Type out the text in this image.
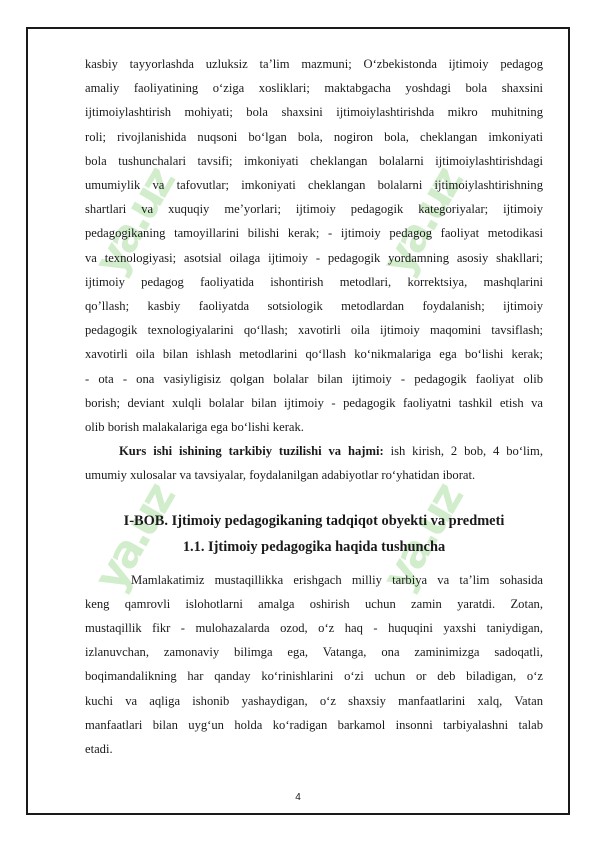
ya.uz	ya.uz
ya.uz	ya.uz

kasbiy tayyorlashda uzluksiz ta’lim mazmuni; O‘zbekistonda ijtimoiy pedagog
amaliy faoliyatining o‘ziga xosliklari; maktabgacha yoshdagi bola shaxsini
ijtimoiylashtirish mohiyati; bola shaxsini ijtimoiylashtirishda mikro muhitning
roli; rivojlanishida nuqsoni bo‘lgan bola, nogiron bola, cheklangan imkoniyati
bola tushunchalari tavsifi; imkoniyati cheklangan bolalarni ijtimoiylashtirishdagi
umumiylik va tafovutlar; imkoniyati cheklangan bolalarni ijtimoiylashtirishning
shartlari va xuquqiy me’yorlari; ijtimoiy pedagogik kategoriyalar; ijtimoiy
pedagogikaning tamoyillarini bilishi kerak; - ijtimoiy pedagog faoliyat metodikasi
va texnologiyasi; asotsial oilaga ijtimoiy - pedagogik yordamning asosiy shakllari;
ijtimoiy pedagog faoliyatida ishontirish metodlari, korrektsiya, mashqlarini
qo’llash; kasbiy faoliyatda sotsiologik metodlardan foydalanish; ijtimoiy
pedagogik texnologiyalarini qo‘llash; xavotirli oila ijtimoiy maqomini tavsiflash;
xavotirli oila bilan ishlash metodlarini qo‘llash ko‘nikmalariga ega bo‘lishi kerak;
- ota - ona vasiyligisiz qolgan bolalar bilan ijtimoiy - pedagogik faoliyat olib
borish; deviant xulqli bolalar bilan ijtimoiy - pedagogik faoliyatni tashkil etish va
olib borish malakalariga ega bo‘lishi kerak.

Kurs ishi ishining tarkibiy tuzilishi va hajmi: ish kirish, 2 bob, 4 bo‘lim,
umumiy xulosalar va tavsiyalar, foydalanilgan adabiyotlar ro‘yhatidan iborat.

I-BOB. Ijtimoiy pedagogikaning tadqiqot obyekti va predmeti
1.1. Ijtimoiy pedagogika haqida tushuncha

Mamlakatimiz mustaqillikka erishgach milliy tarbiya va ta’lim sohasida
keng qamrovli islohotlarni amalga oshirish uchun zamin yaratdi. Zotan,
mustaqillik fikr - mulohazalarda ozod, o‘z haq - huquqini yaxshi taniydigan,
izlanuvchan, zamonaviy bilimga ega, Vatanga, ona zaminimizga sadoqatli,
boqimandalikning har qanday ko‘rinishlarini o‘zi uchun or deb biladigan, o‘z
kuchi va aqliga ishonib yashaydigan, o‘z shaxsiy manfaatlarini xalq, Vatan
manfaatlari bilan uyg‘un holda ko‘radigan barkamol insonni tarbiyalashni talab
etadi.

4
